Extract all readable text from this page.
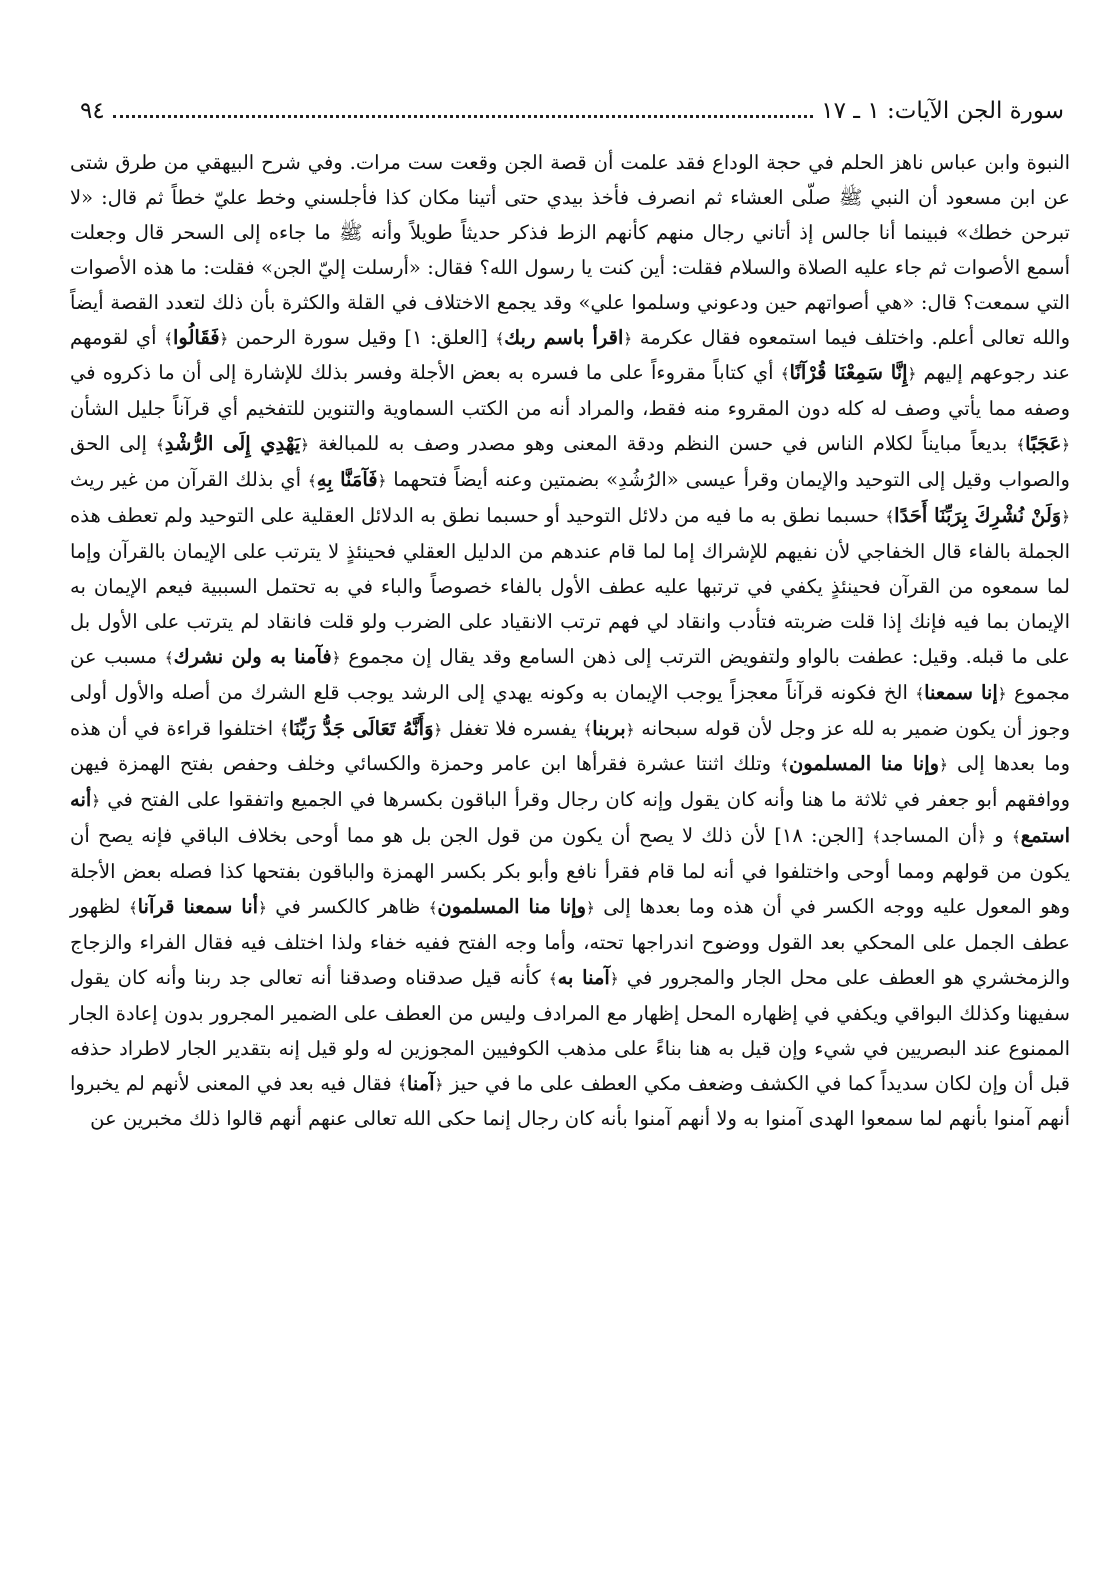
سورة الجن الآيات: ١ ـ ١٧
٩٤

النبوة وابن عباس ناهز الحلم في حجة الوداع فقد علمت أن قصة الجن وقعت ست مرات. وفي شرح البيهقي من طرق شتى عن ابن مسعود أن النبي ﷺ صلّى العشاء ثم انصرف فأخذ بيدي حتى أتينا مكان كذا فأجلسني وخط عليّ خطاً ثم قال: «لا تبرحن خطك» فبينما أنا جالس إذ أتاني رجال منهم كأنهم الزط فذكر حديثاً طويلاً وأنه ﷺ ما جاءه إلى السحر قال وجعلت أسمع الأصوات ثم جاء عليه الصلاة والسلام فقلت: أين كنت يا رسول الله؟ فقال: «أرسلت إليّ الجن» فقلت: ما هذه الأصوات التي سمعت؟ قال: «هي أصواتهم حين ودعوني وسلموا علي» وقد يجمع الاختلاف في القلة والكثرة بأن ذلك لتعدد القصة أيضاً والله تعالى أعلم. واختلف فيما استمعوه فقال عكرمة ﴿اقرأ باسم ربك﴾ [العلق: ١] وقيل سورة الرحمن ﴿فَقَالُوا﴾ أي لقومهم عند رجوعهم إليهم ﴿إِنَّا سَمِعْنَا قُرْآنًا﴾ أي كتاباً مقروءاً على ما فسره به بعض الأجلة وفسر بذلك للإشارة إلى أن ما ذكروه في وصفه مما يأتي وصف له كله دون المقروء منه فقط، والمراد أنه من الكتب السماوية والتنوين للتفخيم أي قرآناً جليل الشأن ﴿عَجَبًا﴾ بديعاً مبايناً لكلام الناس في حسن النظم ودقة المعنى وهو مصدر وصف به للمبالغة ﴿يَهْدِي إِلَى الرُّشْدِ﴾ إلى الحق والصواب وقيل إلى التوحيد والإيمان وقرأ عيسى «الرُشُدِ» بضمتين وعنه أيضاً فتحهما ﴿فَآمَنَّا بِهِ﴾ أي بذلك القرآن من غير ريث ﴿وَلَنْ نُشْرِكَ بِرَبِّنَا أَحَدًا﴾ حسبما نطق به ما فيه من دلائل التوحيد أو حسبما نطق به الدلائل العقلية على التوحيد ولم تعطف هذه الجملة بالفاء قال الخفاجي لأن نفيهم للإشراك إما لما قام عندهم من الدليل العقلي فحينئذٍ لا يترتب على الإيمان بالقرآن وإما لما سمعوه من القرآن فحينئذٍ يكفي في ترتبها عليه عطف الأول بالفاء خصوصاً والباء في به تحتمل السببية فيعم الإيمان به الإيمان بما فيه فإنك إذا قلت ضربته فتأدب وانقاد لي فهم ترتب الانقياد على الضرب ولو قلت فانقاد لم يترتب على الأول بل على ما قبله. وقيل: عطفت بالواو ولتفويض الترتب إلى ذهن السامع وقد يقال إن مجموع ﴿فآمنا به ولن نشرك﴾ مسبب عن مجموع ﴿إنا سمعنا﴾ الخ فكونه قرآناً معجزاً يوجب الإيمان به وكونه يهدي إلى الرشد يوجب قلع الشرك من أصله والأول أولى وجوز أن يكون ضمير به لله عز وجل لأن قوله سبحانه ﴿بربنا﴾ يفسره فلا تغفل ﴿وَأَنَّهُ تَعَالَى جَدُّ رَبِّنَا﴾ اختلفوا قراءة في أن هذه وما بعدها إلى ﴿وإنا منا المسلمون﴾ وتلك اثنتا عشرة فقرأها ابن عامر وحمزة والكسائي وخلف وحفص بفتح الهمزة فيهن ووافقهم أبو جعفر في ثلاثة ما هنا وأنه كان يقول وإنه كان رجال وقرأ الباقون بكسرها في الجميع واتفقوا على الفتح في ﴿أنه استمع﴾ و ﴿أن المساجد﴾ [الجن: ١٨] لأن ذلك لا يصح أن يكون من قول الجن بل هو مما أوحى بخلاف الباقي فإنه يصح أن يكون من قولهم ومما أوحى واختلفوا في أنه لما قام فقرأ نافع وأبو بكر بكسر الهمزة والباقون بفتحها كذا فصله بعض الأجلة وهو المعول عليه ووجه الكسر في أن هذه وما بعدها إلى ﴿وإنا منا المسلمون﴾ ظاهر كالكسر في ﴿أنا سمعنا قرآنا﴾ لظهور عطف الجمل على المحكي بعد القول ووضوح اندراجها تحته، وأما وجه الفتح ففيه خفاء ولذا اختلف فيه فقال الفراء والزجاج والزمخشري هو العطف على محل الجار والمجرور في ﴿آمنا به﴾ كأنه قيل صدقناه وصدقنا أنه تعالى جد ربنا وأنه كان يقول سفيهنا وكذلك البواقي ويكفي في إظهاره المحل إظهار مع المرادف وليس من العطف على الضمير المجرور بدون إعادة الجار الممنوع عند البصريين في شيء وإن قيل به هنا بناءً على مذهب الكوفيين المجوزين له ولو قيل إنه بتقدير الجار لاطراد حذفه قبل أن وإن لكان سديداً كما في الكشف وضعف مكي العطف على ما في حيز ﴿آمنا﴾ فقال فيه بعد في المعنى لأنهم لم يخبروا أنهم آمنوا بأنهم لما سمعوا الهدى آمنوا به ولا أنهم آمنوا بأنه كان رجال إنما حكى الله تعالى عنهم أنهم قالوا ذلك مخبرين عن
